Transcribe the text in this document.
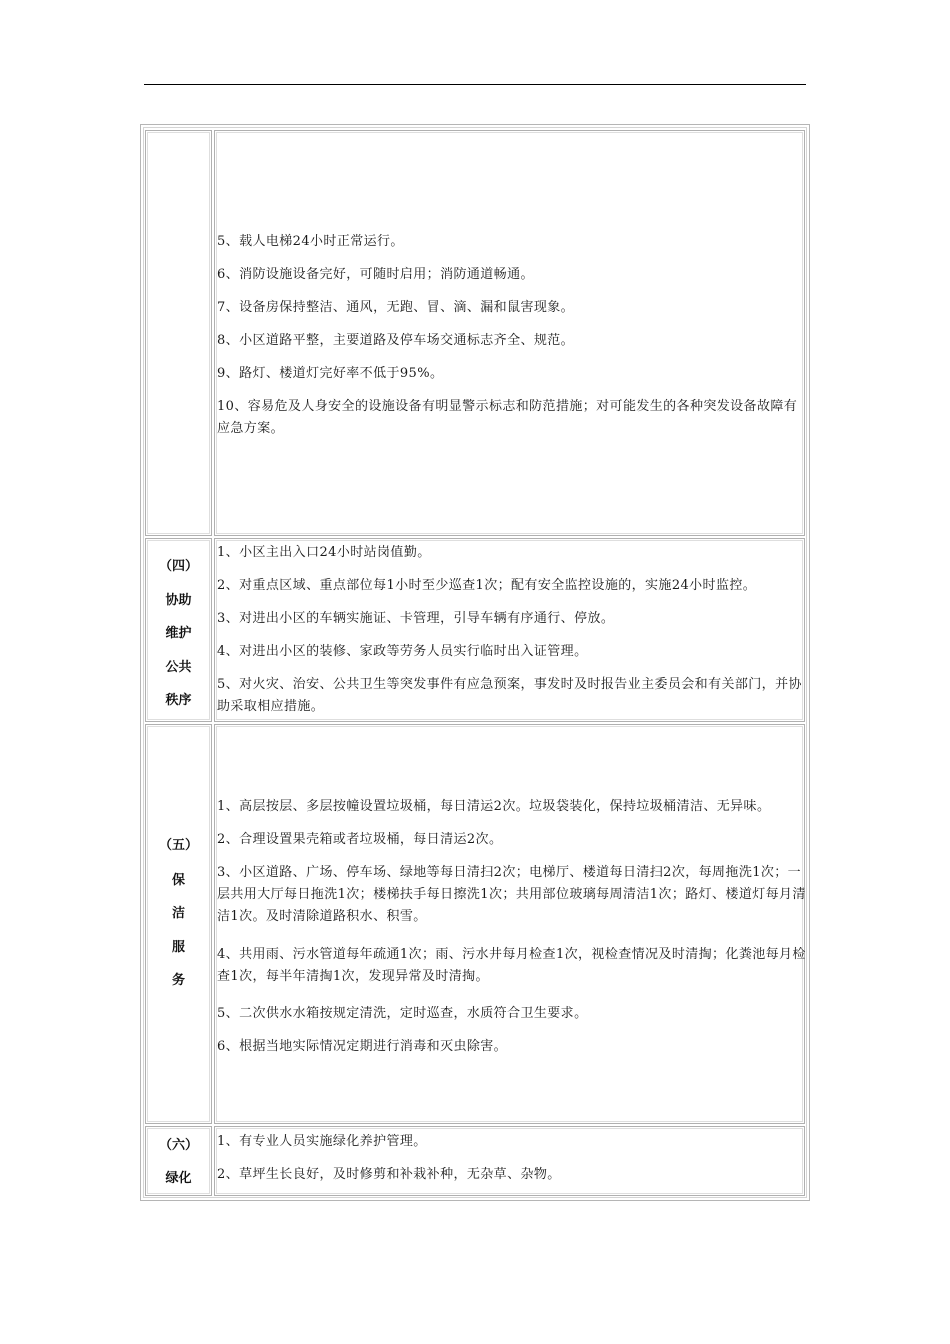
5、载人电梯24小时正常运行。

6、消防设施设备完好，可随时启用；消防通道畅通。

7、设备房保持整洁、通风，无跑、冒、滴、漏和鼠害现象。

8、小区道路平整，主要道路及停车场交通标志齐全、规范。

9、路灯、楼道灯完好率不低于95%。

10、容易危及人身安全的设施设备有明显警示标志和防范措施；对可能发生的各种突发设备故障有应急方案。

（四）
协助
维护
公共
秩序

1、小区主出入口24小时站岗值勤。

2、对重点区域、重点部位每1小时至少巡查1次；配有安全监控设施的，实施24小时监控。

3、对进出小区的车辆实施证、卡管理，引导车辆有序通行、停放。

4、对进出小区的装修、家政等劳务人员实行临时出入证管理。

5、对火灾、治安、公共卫生等突发事件有应急预案，事发时及时报告业主委员会和有关部门，并协助采取相应措施。

（五）
保
洁
服
务

1、高层按层、多层按幢设置垃圾桶，每日清运2次。垃圾袋装化，保持垃圾桶清洁、无异味。

2、合理设置果壳箱或者垃圾桶，每日清运2次。

3、小区道路、广场、停车场、绿地等每日清扫2次；电梯厅、楼道每日清扫2次，每周拖洗1次；一层共用大厅每日拖洗1次；楼梯扶手每日擦洗1次；共用部位玻璃每周清洁1次；路灯、楼道灯每月清洁1次。及时清除道路积水、积雪。

4、共用雨、污水管道每年疏通1次；雨、污水井每月检查1次，视检查情况及时清掏；化粪池每月检查1次，每半年清掏1次，发现异常及时清掏。

5、二次供水水箱按规定清洗，定时巡查，水质符合卫生要求。

6、根据当地实际情况定期进行消毒和灭虫除害。

（六）
绿化

1、有专业人员实施绿化养护管理。

2、草坪生长良好，及时修剪和补栽补种，无杂草、杂物。
